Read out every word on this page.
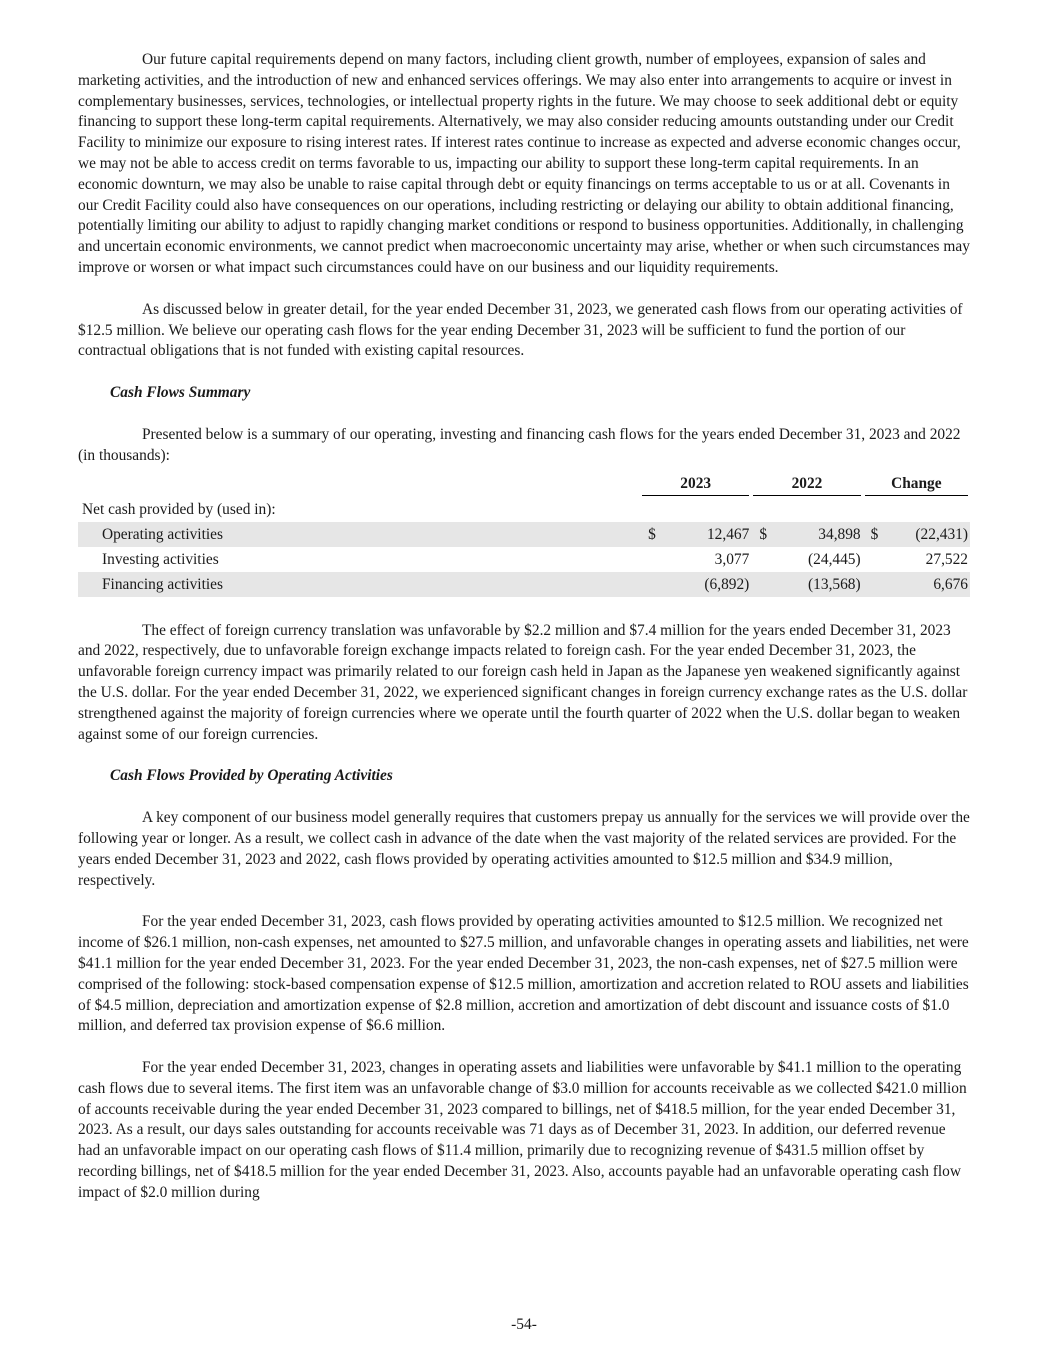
Our future capital requirements depend on many factors, including client growth, number of employees, expansion of sales and marketing activities, and the introduction of new and enhanced services offerings. We may also enter into arrangements to acquire or invest in complementary businesses, services, technologies, or intellectual property rights in the future. We may choose to seek additional debt or equity financing to support these long-term capital requirements. Alternatively, we may also consider reducing amounts outstanding under our Credit Facility to minimize our exposure to rising interest rates. If interest rates continue to increase as expected and adverse economic changes occur, we may not be able to access credit on terms favorable to us, impacting our ability to support these long-term capital requirements. In an economic downturn, we may also be unable to raise capital through debt or equity financings on terms acceptable to us or at all. Covenants in our Credit Facility could also have consequences on our operations, including restricting or delaying our ability to obtain additional financing, potentially limiting our ability to adjust to rapidly changing market conditions or respond to business opportunities. Additionally, in challenging and uncertain economic environments, we cannot predict when macroeconomic uncertainty may arise, whether or when such circumstances may improve or worsen or what impact such circumstances could have on our business and our liquidity requirements.

As discussed below in greater detail, for the year ended December 31, 2023, we generated cash flows from our operating activities of $12.5 million. We believe our operating cash flows for the year ending December 31, 2023 will be sufficient to fund the portion of our contractual obligations that is not funded with existing capital resources.

Cash Flows Summary

Presented below is a summary of our operating, investing and financing cash flows for the years ended December 31, 2023 and 2022 (in thousands):

	2023		2022		Change	

Net cash provided by (used in):						
Operating activities	$	12,467	$	34,898	$	(22,431)
Investing activities		3,077		(24,445)		27,522
Financing activities		(6,892)		(13,568)		6,676

The effect of foreign currency translation was unfavorable by $2.2 million and $7.4 million for the years ended December 31, 2023 and 2022, respectively, due to unfavorable foreign exchange impacts related to foreign cash. For the year ended December 31, 2023, the unfavorable foreign currency impact was primarily related to our foreign cash held in Japan as the Japanese yen weakened significantly against the U.S. dollar. For the year ended December 31, 2022, we experienced significant changes in foreign currency exchange rates as the U.S. dollar strengthened against the majority of foreign currencies where we operate until the fourth quarter of 2022 when the U.S. dollar began to weaken against some of our foreign currencies.

Cash Flows Provided by Operating Activities

A key component of our business model generally requires that customers prepay us annually for the services we will provide over the following year or longer. As a result, we collect cash in advance of the date when the vast majority of the related services are provided. For the years ended December 31, 2023 and 2022, cash flows provided by operating activities amounted to $12.5 million and $34.9 million, respectively.

For the year ended December 31, 2023, cash flows provided by operating activities amounted to $12.5 million. We recognized net income of $26.1 million, non-cash expenses, net amounted to $27.5 million, and unfavorable changes in operating assets and liabilities, net were $41.1 million for the year ended December 31, 2023. For the year ended December 31, 2023, the non-cash expenses, net of $27.5 million were comprised of the following: stock-based compensation expense of $12.5 million, amortization and accretion related to ROU assets and liabilities of $4.5 million, depreciation and amortization expense of $2.8 million, accretion and amortization of debt discount and issuance costs of $1.0 million, and deferred tax provision expense of $6.6 million.

For the year ended December 31, 2023, changes in operating assets and liabilities were unfavorable by $41.1 million to the operating cash flows due to several items. The first item was an unfavorable change of $3.0 million for accounts receivable as we collected $421.0 million of accounts receivable during the year ended December 31, 2023 compared to billings, net of $418.5 million, for the year ended December 31, 2023. As a result, our days sales outstanding for accounts receivable was 71 days as of December 31, 2023. In addition, our deferred revenue had an unfavorable impact on our operating cash flows of $11.4 million, primarily due to recognizing revenue of $431.5 million offset by recording billings, net of $418.5 million for the year ended December 31, 2023. Also, accounts payable had an unfavorable operating cash flow impact of $2.0 million during

-54-
